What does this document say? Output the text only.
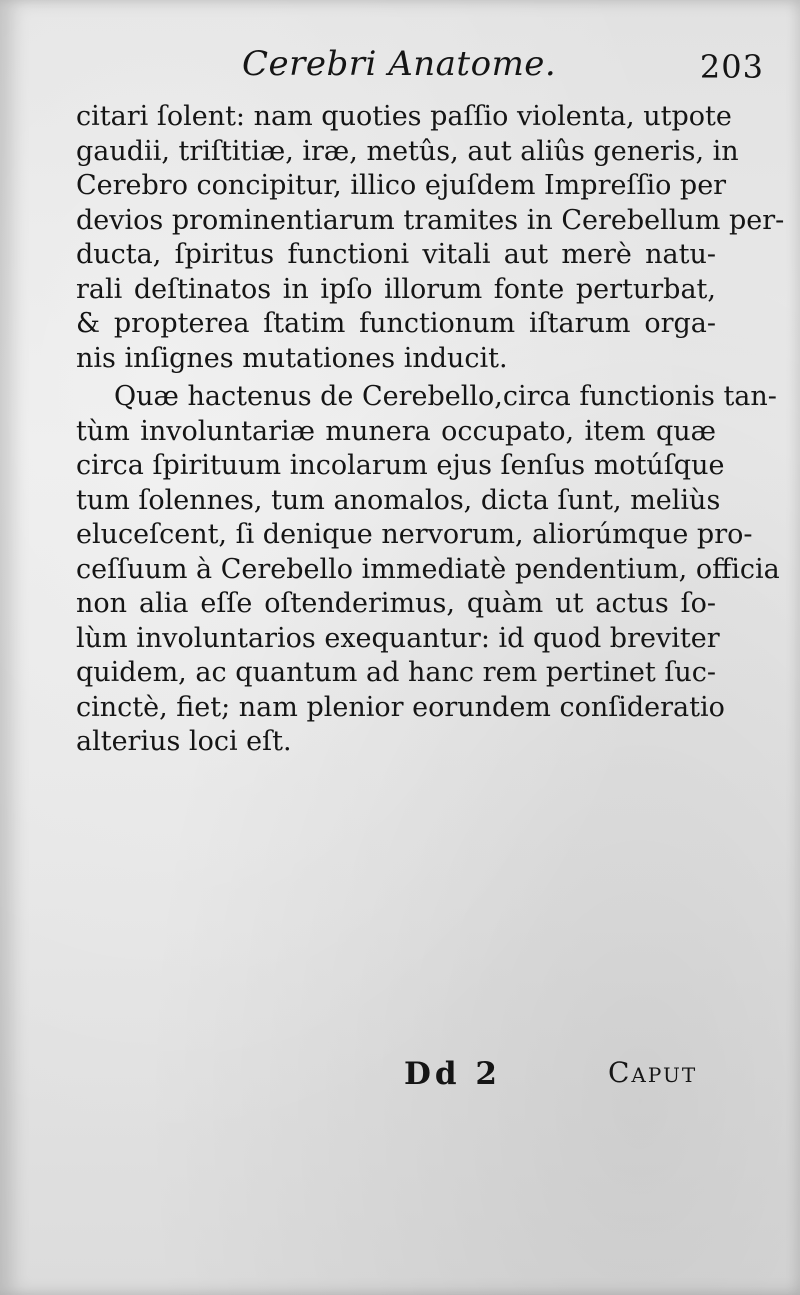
Cerebri Anatome.	203
citari ſolent: nam quoties paſſio violenta, utpote
gaudii, triſtitiæ, iræ, metûs, aut aliûs generis, in
Cerebro concipitur, illico ejuſdem Impreſſio per
devios prominentiarum tramites in Cerebellum per-
ducta, ſpiritus functioni vitali aut merè natu-
rali deſtinatos in ipſo illorum fonte perturbat,
& propterea ſtatim functionum iſtarum orga-
nis inſignes mutationes inducit.
Quæ hactenus de Cerebello,circa functionis tan-
tùm involuntariæ munera occupato, item quæ
circa ſpirituum incolarum ejus ſenſus motúſque
tum ſolennes, tum anomalos, dicta ſunt, meliùs
eluceſcent, ſi denique nervorum, aliorúmque pro-
ceſſuum à Cerebello immediatè pendentium, officia
non alia eſſe oſtenderimus, quàm ut actus ſo-
lùm involuntarios exequantur: id quod breviter
quidem, ac quantum ad hanc rem pertinet ſuc-
cinctè, fiet; nam plenior eorundem conſideratio
alterius loci eſt.
Dd 2	Caput
